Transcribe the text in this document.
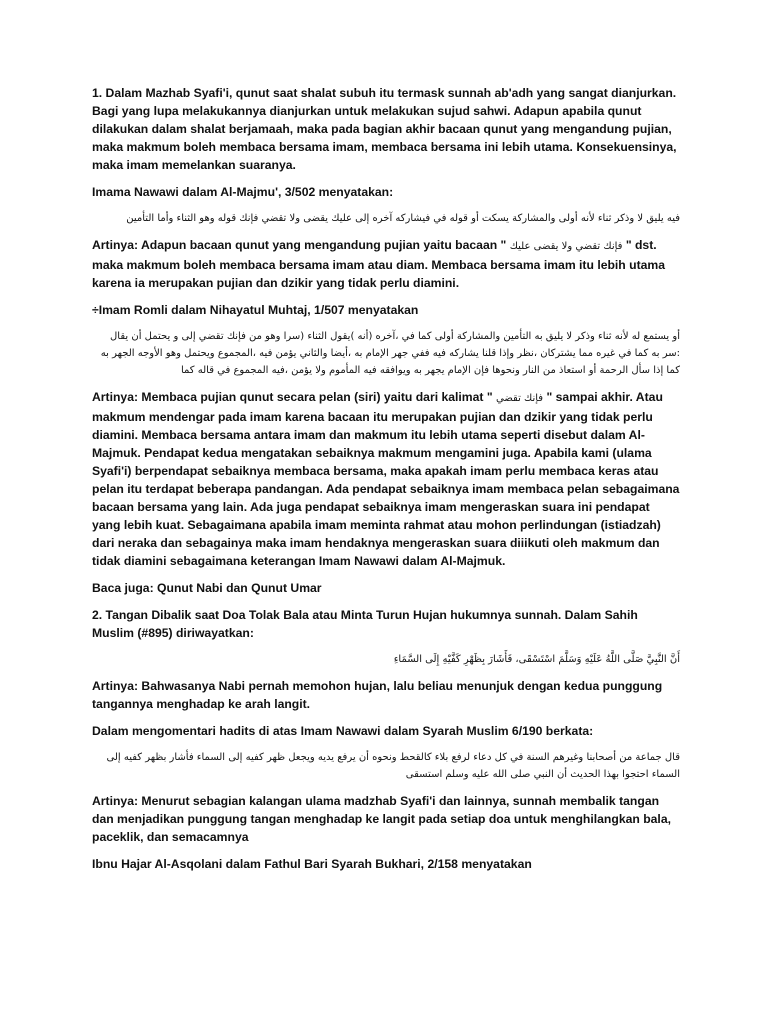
1. Dalam Mazhab Syafi'i, qunut saat shalat subuh itu termask sunnah ab'adh yang sangat dianjurkan. Bagi yang lupa melakukannya dianjurkan untuk melakukan sujud sahwi. Adapun apabila qunut dilakukan dalam shalat berjamaah, maka pada bagian akhir bacaan qunut yang mengandung pujian, maka makmum boleh membaca bersama imam, membaca bersama ini lebih utama. Konsekuensinya, maka imam memelankan suaranya.

Imama Nawawi dalam Al-Majmu', 3/502 menyatakan:

فيه يليق لا وذكر ثناء لأنه أولى والمشاركة يسكت أو قوله في فيشاركه آخره إلى عليك يقضى ولا تقضي فإنك قوله وهو الثناء وأما التأمين

Artinya: Adapun bacaan qunut yang mengandung pujian yaitu bacaan " فإنك تقضي ولا يقضى عليك " dst. maka makmum boleh membaca bersama imam atau diam. Membaca bersama imam itu lebih utama karena ia merupakan pujian dan dzikir yang tidak perlu diamini.

÷Imam Romli dalam Nihayatul Muhtaj, 1/507 menyatakan

أو يستمع له لأنه ثناء وذكر لا يليق به التأمين والمشاركة أولى كما في ،آخره (أنه )يقول الثناء (سرا وهو من فإنك تقضي إلى و يحتمل أن يقال :سر به كما في غيره مما يشتركان ،نظر وإذا قلنا يشاركه فيه ففي جهر الإمام به ،أيضا والثاني يؤمن فيه ،المجموع ويحتمل وهو الأوجه الجهر به كما إذا سأل الرحمة أو استعاذ من النار ونحوها فإن الإمام يجهر به ويوافقه فيه المأموم ولا يؤمن ،فيه المجموع في قاله كما

Artinya: Membaca pujian qunut secara pelan (siri) yaitu dari kalimat " فإنك تقضي " sampai akhir. Atau makmum mendengar pada imam karena bacaan itu merupakan pujian dan dzikir yang tidak perlu diamini. Membaca bersama antara imam dan makmum itu lebih utama seperti disebut dalam Al-Majmuk. Pendapat kedua mengatakan sebaiknya makmum mengamini juga. Apabila kami (ulama Syafi'i) berpendapat sebaiknya membaca bersama, maka apakah imam perlu membaca keras atau pelan itu terdapat beberapa pandangan. Ada pendapat sebaiknya imam membaca pelan sebagaimana bacaan bersama yang lain. Ada juga pendapat sebaiknya imam mengeraskan suara ini pendapat yang lebih kuat. Sebagaimana apabila imam meminta rahmat atau mohon perlindungan (istiadzah) dari neraka dan sebagainya maka imam hendaknya mengeraskan suara diiikuti oleh makmum dan tidak diamini sebagaimana keterangan Imam Nawawi dalam Al-Majmuk.

Baca juga: Qunut Nabi dan Qunut Umar

2. Tangan Dibalik saat Doa Tolak Bala atau Minta Turun Hujan hukumnya sunnah. Dalam Sahih Muslim (#895) diriwayatkan:

أَنَّ النَّبِيَّ صَلَّى اللَّهُ عَلَيْهِ وَسَلَّمَ اسْتَسْقَى، فَأَشَارَ بِظَهْرِ كَفَّيْهِ إِلَى السَّمَاءِ

Artinya: Bahwasanya Nabi pernah memohon hujan, lalu beliau menunjuk dengan kedua punggung tangannya menghadap ke arah langit.

Dalam mengomentari hadits di atas Imam Nawawi dalam Syarah Muslim 6/190 berkata:

قال جماعة من أصحابنا وغيرهم السنة في كل دعاء لرفع بلاء كالقحط ونحوه أن يرفع يديه ويجعل ظهر كفيه إلى السماء فأشار بظهر كفيه إلى السماء احتجوا بهذا الحديث أن النبي صلى الله عليه وسلم استسقى

Artinya: Menurut sebagian kalangan ulama madzhab Syafi'i dan lainnya, sunnah membalik tangan dan menjadikan punggung tangan menghadap ke langit pada setiap doa untuk menghilangkan bala, paceklik, dan semacamnya

Ibnu Hajar Al-Asqolani dalam Fathul Bari Syarah Bukhari, 2/158 menyatakan
